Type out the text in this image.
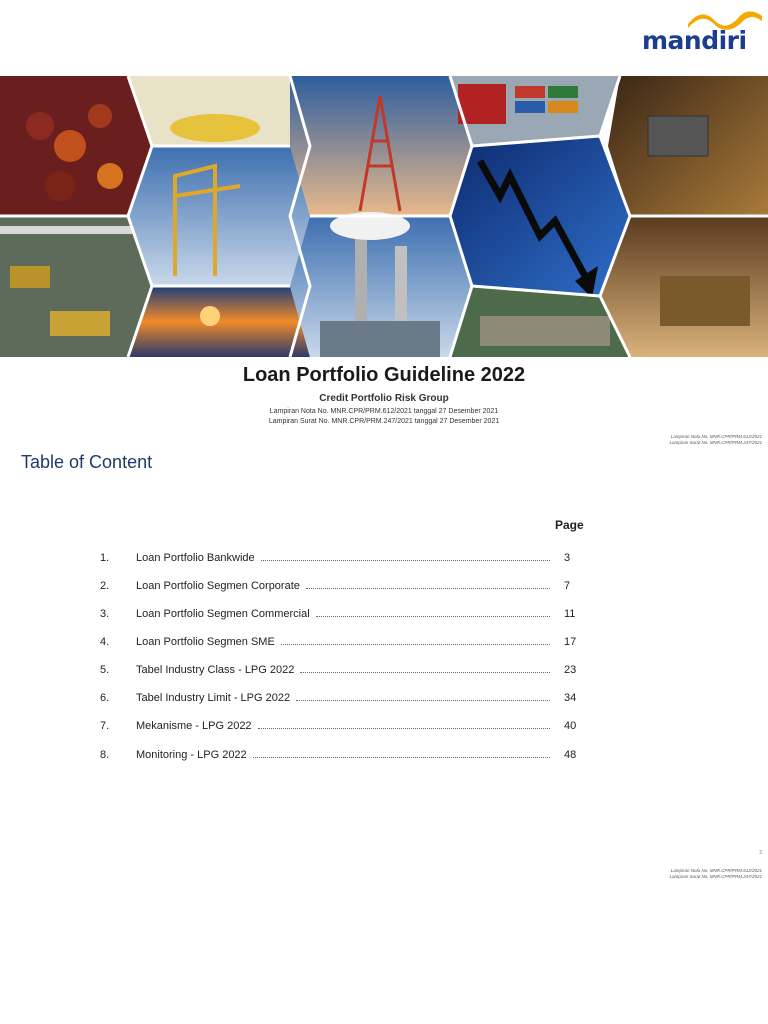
mandiri
Loan Portfolio Guideline 2022
Credit Portfolio Risk Group
Lampiran Nota No. MNR.CPR/PRM.612/2021 tanggal 27 Desember 2021
Lampiran Surat No. MNR.CPR/PRM.247/2021 tanggal 27 Desember 2021
Lampiran Nota No. MNR.CPR/PRM.612/2021
Lampiran Surat No. MNR.CPR/PRM.247/2021
Table of Content
Page
1. Loan Portfolio Bankwide	3
2. Loan Portfolio Segmen Corporate	7
3. Loan Portfolio Segmen Commercial	11
4. Loan Portfolio Segmen SME	17
5. Tabel Industry Class - LPG 2022	23
6. Tabel Industry Limit - LPG 2022	34
7. Mekanisme - LPG 2022	40
8. Monitoring - LPG 2022	48
2
Lampiran Nota No. MNR.CPR/PRM.612/2021
Lampiran Surat No. MNR.CPR/PRM.247/2021
